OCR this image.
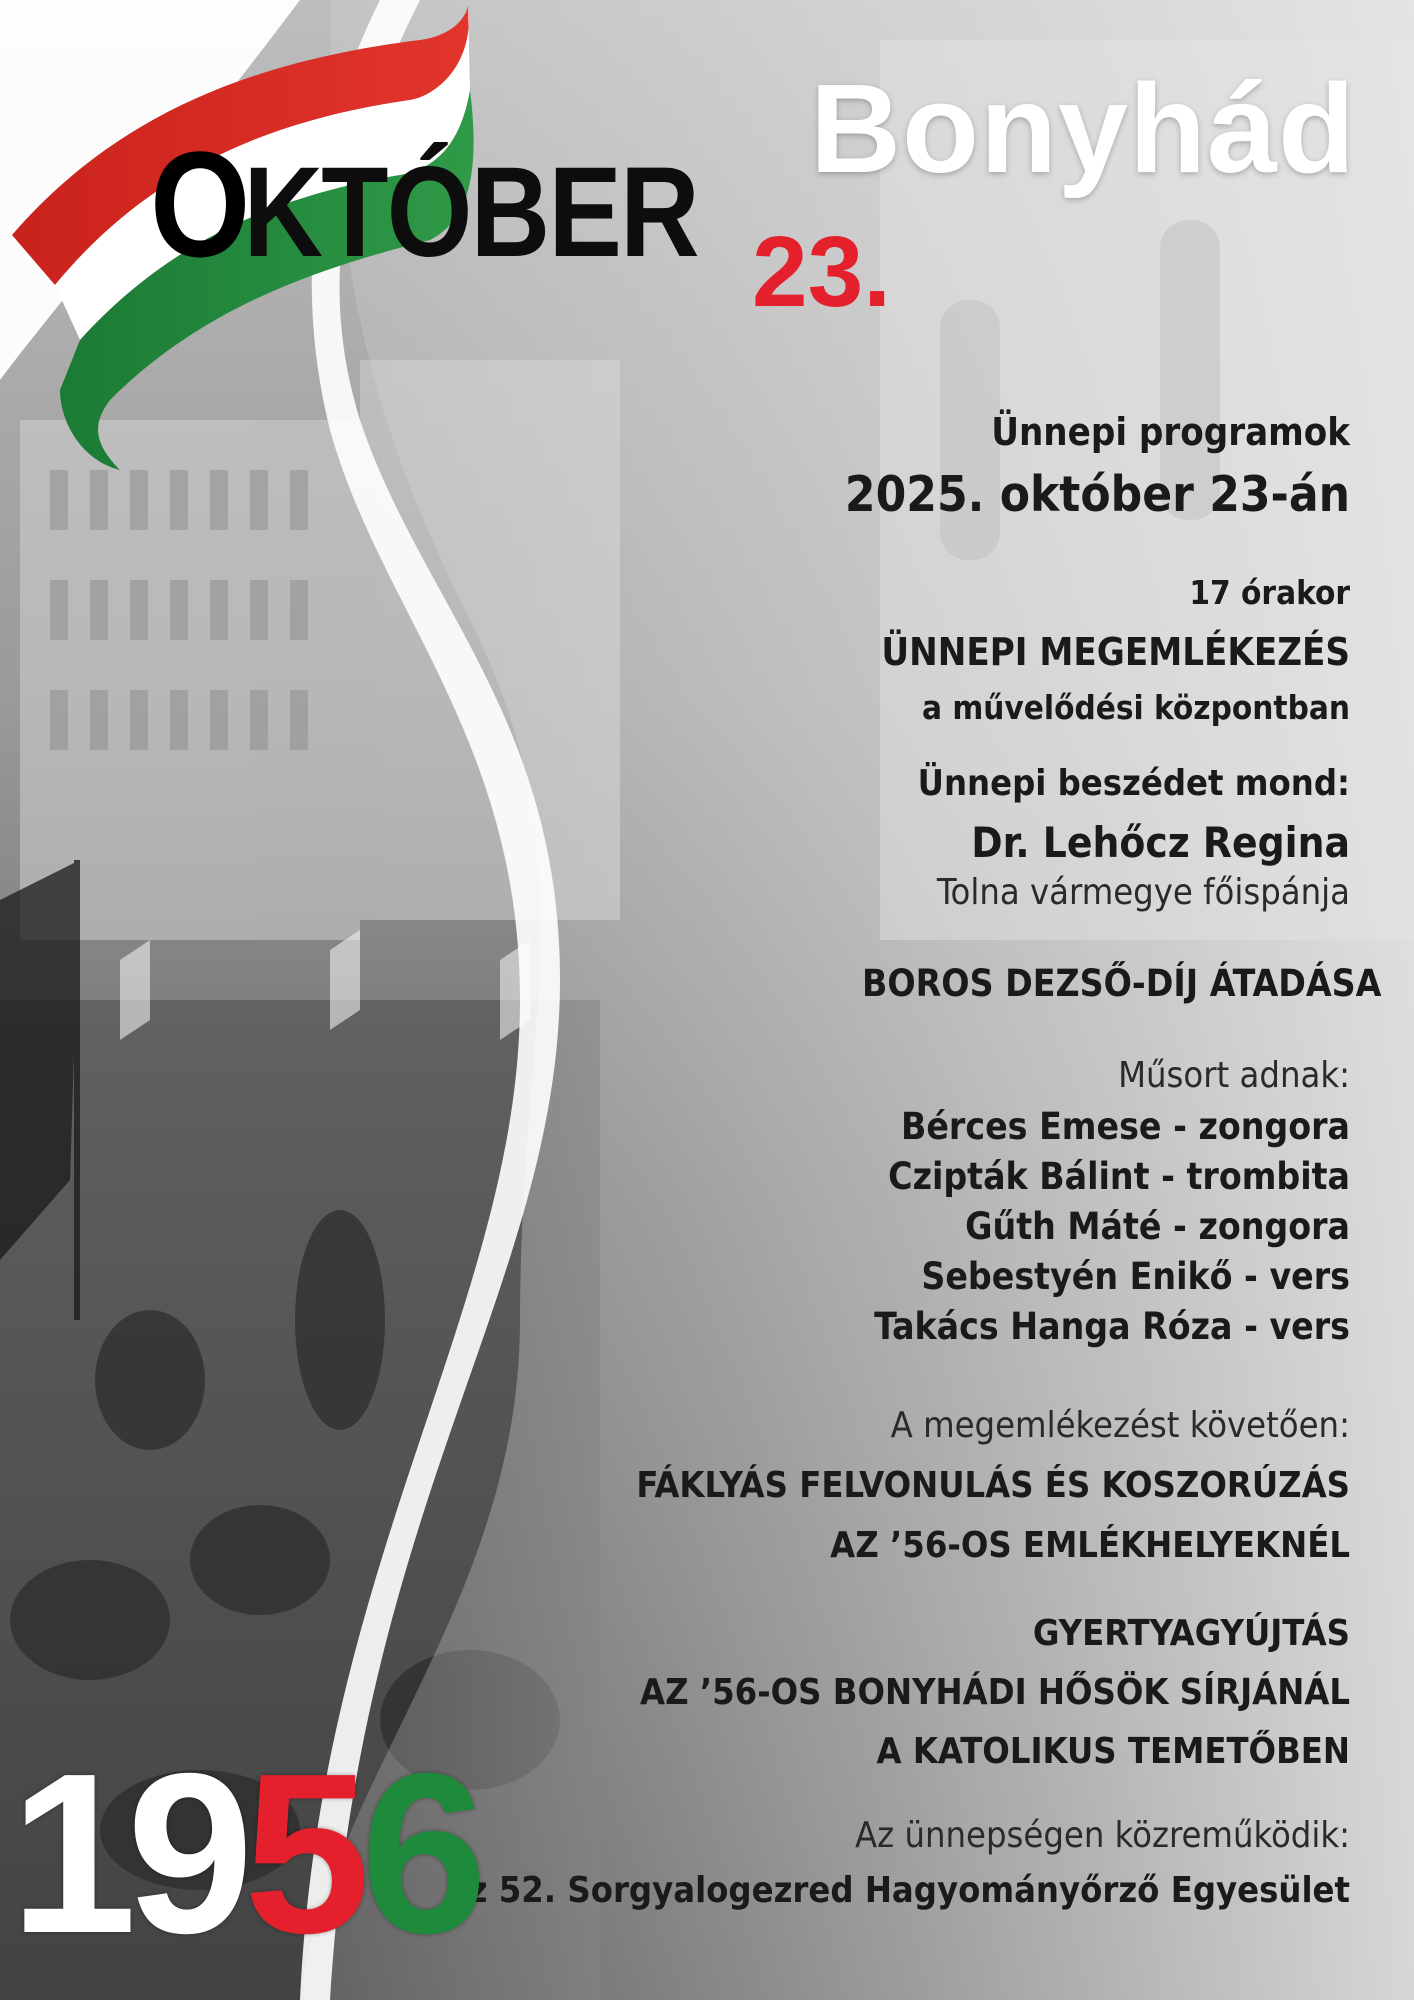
Bonyhád
OKTÓBER 23.
Ünnepi programok
2025. október 23-án
17 órakor
ÜNNEPI MEGEMLÉKEZÉS
a művelődési központban
Ünnepi beszédet mond:
Dr. Lehőcz Regina
Tolna vármegye főispánja
BOROS DEZSŐ-DÍJ ÁTADÁSA
Műsort adnak:
Bérces Emese - zongora
Czipták Bálint - trombita
Gűth Máté - zongora
Sebestyén Enikő - vers
Takács Hanga Róza - vers
A megemlékezést követően:
FÁKLYÁS FELVONULÁS ÉS KOSZORÚZÁS
AZ ’56-OS EMLÉKHELYEKNÉL
GYERTYAGYÚJTÁS
AZ ’56-OS BONYHÁDI HŐSÖK SÍRJÁNÁL
A KATOLIKUS TEMETŐBEN
Az ünnepségen közreműködik:
az 52. Sorgyalogezred Hagyományőrző Egyesület
1956
